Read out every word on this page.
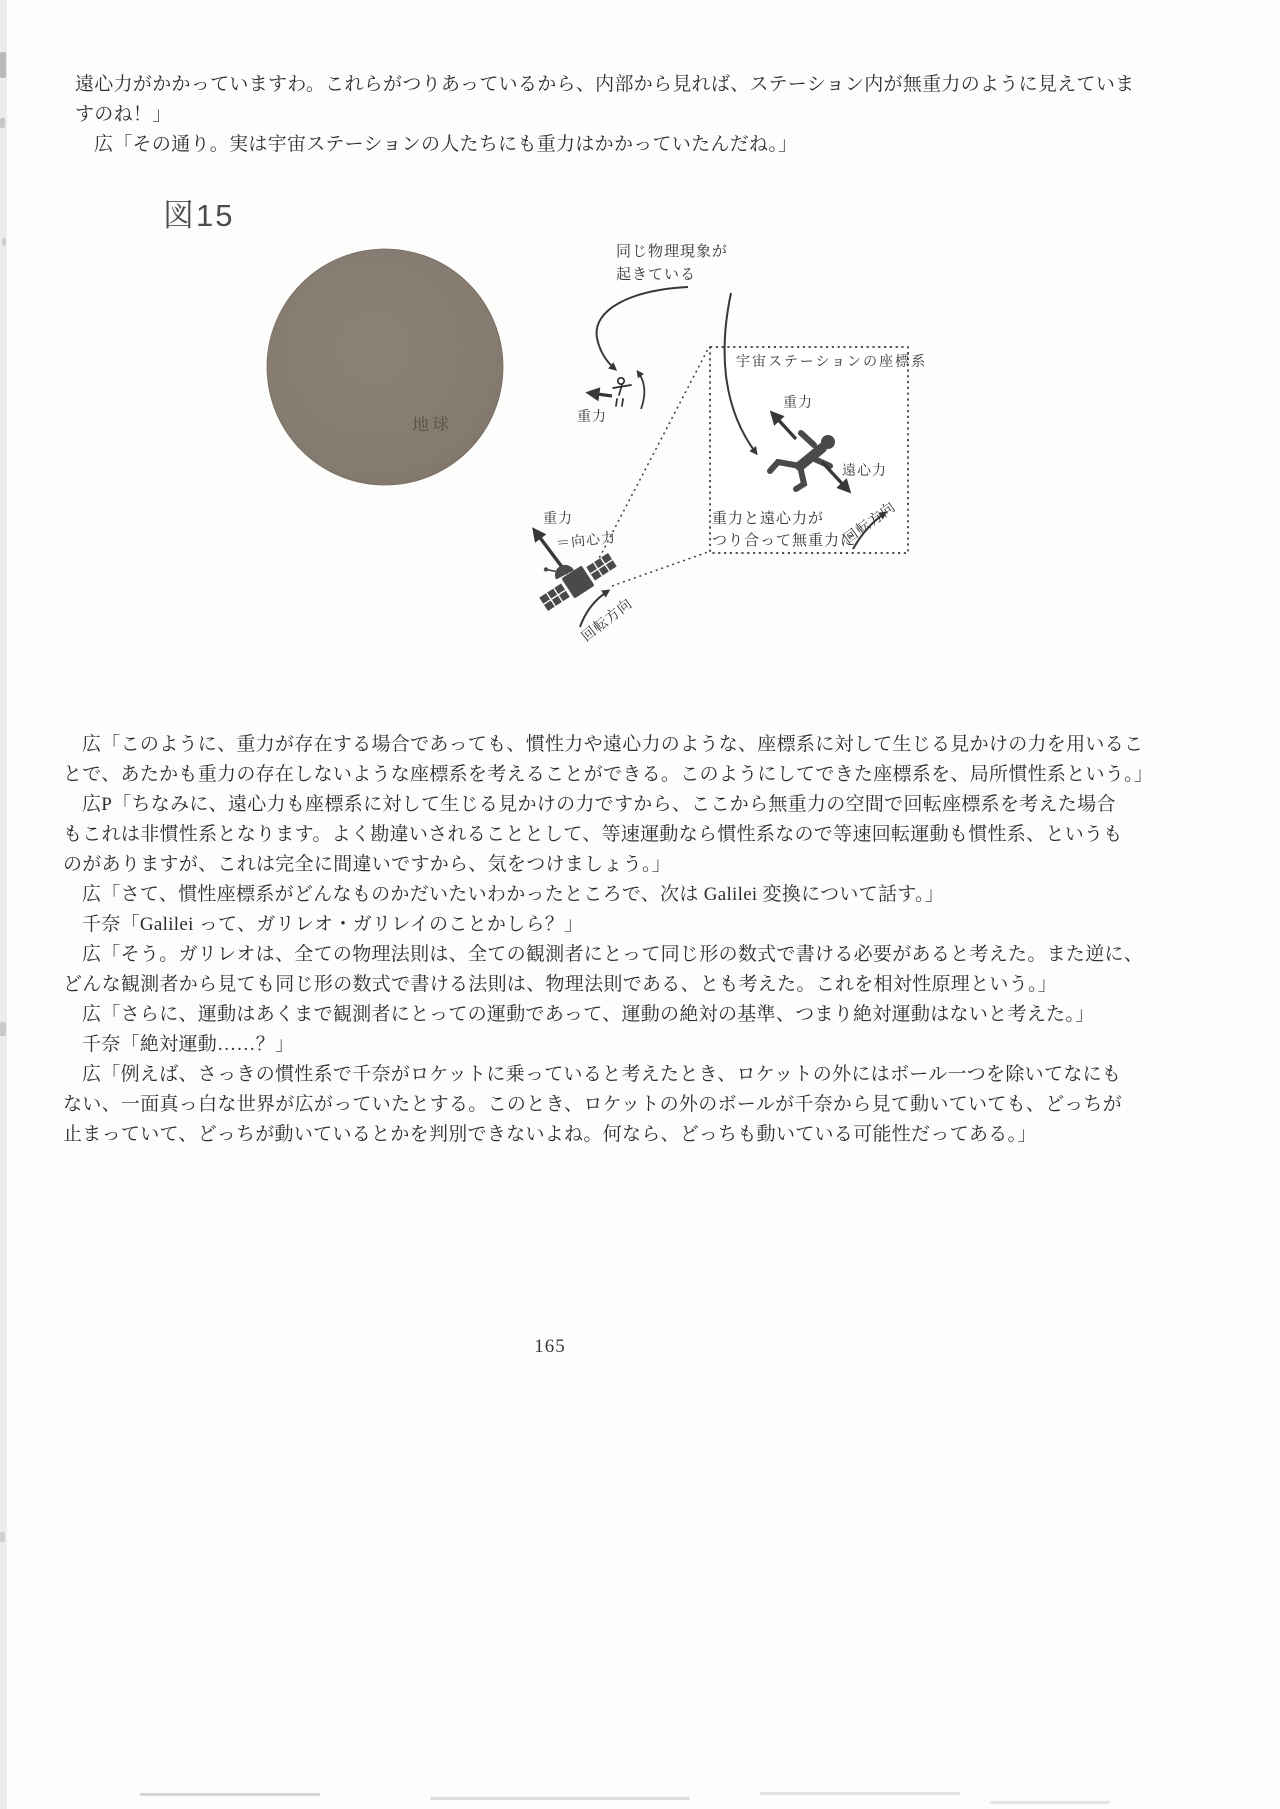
遠心力がかかっていますわ。これらがつりあっているから、内部から見れば、ステーション内が無重力のように見えていま
すのね！」
広「その通り。実は宇宙ステーションの人たちにも重力はかかっていたんだね。」
図15
地球
同じ物理現象が
起きている
宇宙ステーションの座標系
重力
重力
＝向心力
回転方向
重力
遠心力
重力と遠心力が
つり合って無重力に
回転方向
広「このように、重力が存在する場合であっても、慣性力や遠心力のような、座標系に対して生じる見かけの力を用いるこ
とで、あたかも重力の存在しないような座標系を考えることができる。このようにしてできた座標系を、局所慣性系という。」
広P「ちなみに、遠心力も座標系に対して生じる見かけの力ですから、ここから無重力の空間で回転座標系を考えた場合
もこれは非慣性系となります。よく勘違いされることとして、等速運動なら慣性系なので等速回転運動も慣性系、というも
のがありますが、これは完全に間違いですから、気をつけましょう。」
広「さて、慣性座標系がどんなものかだいたいわかったところで、次は Galilei 変換について話す。」
千奈「Galilei って、ガリレオ・ガリレイのことかしら？」
広「そう。ガリレオは、全ての物理法則は、全ての観測者にとって同じ形の数式で書ける必要があると考えた。また逆に、
どんな観測者から見ても同じ形の数式で書ける法則は、物理法則である、とも考えた。これを相対性原理という。」
広「さらに、運動はあくまで観測者にとっての運動であって、運動の絶対の基準、つまり絶対運動はないと考えた。」
千奈「絶対運動……？」
広「例えば、さっきの慣性系で千奈がロケットに乗っていると考えたとき、ロケットの外にはボール一つを除いてなにも
ない、一面真っ白な世界が広がっていたとする。このとき、ロケットの外のボールが千奈から見て動いていても、どっちが
止まっていて、どっちが動いているとかを判別できないよね。何なら、どっちも動いている可能性だってある。」
165
